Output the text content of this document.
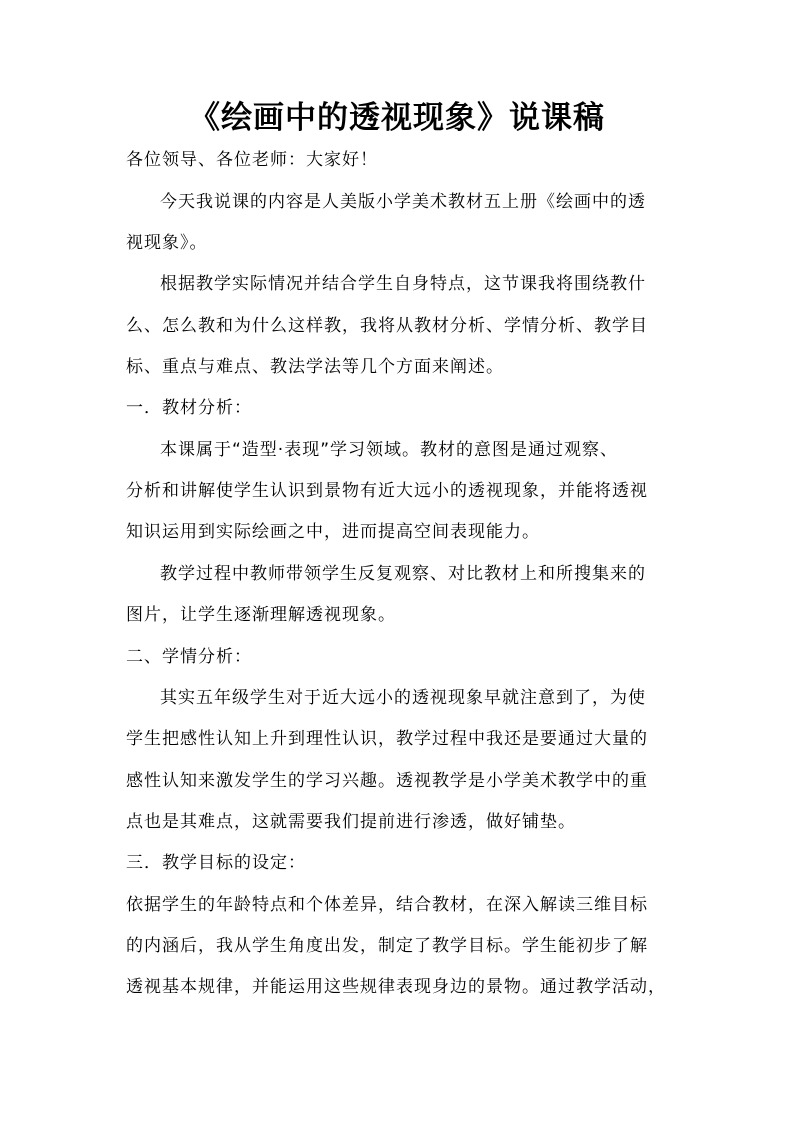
《绘画中的透视现象》说课稿
各位领导、各位老师：大家好！
今天我说课的内容是人美版小学美术教材五上册《绘画中的透
视现象》。
根据教学实际情况并结合学生自身特点，这节课我将围绕教什
么、怎么教和为什么这样教，我将从教材分析、学情分析、教学目
标、重点与难点、教法学法等几个方面来阐述。
一．教材分析：
本课属于“造型·表现”学习领域。教材的意图是通过观察、
分析和讲解使学生认识到景物有近大远小的透视现象，并能将透视
知识运用到实际绘画之中，进而提高空间表现能力。
教学过程中教师带领学生反复观察、对比教材上和所搜集来的
图片，让学生逐渐理解透视现象。
二、学情分析：
其实五年级学生对于近大远小的透视现象早就注意到了，为使
学生把感性认知上升到理性认识，教学过程中我还是要通过大量的
感性认知来激发学生的学习兴趣。透视教学是小学美术教学中的重
点也是其难点，这就需要我们提前进行渗透，做好铺垫。
三．教学目标的设定：
依据学生的年龄特点和个体差异，结合教材，在深入解读三维目标
的内涵后，我从学生角度出发，制定了教学目标。学生能初步了解
透视基本规律，并能运用这些规律表现身边的景物。通过教学活动，
